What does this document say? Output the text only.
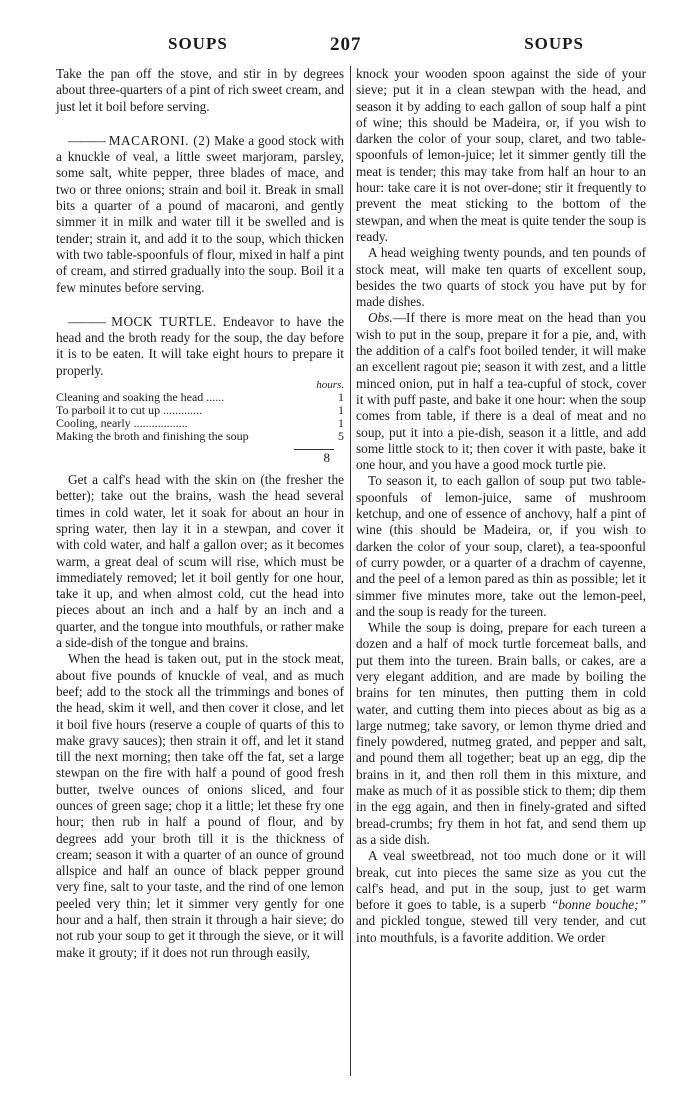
SOUPS	207	SOUPS

Take the pan off the stove, and stir in by degrees about three-quarters of a pint of rich sweet cream, and just let it boil before serving.

——— MACARONI. (2) Make a good stock with a knuckle of veal, a little sweet marjoram, parsley, some salt, white pepper, three blades of mace, and two or three onions; strain and boil it. Break in small bits a quarter of a pound of macaroni, and gently simmer it in milk and water till it be swelled and is tender; strain it, and add it to the soup, which thicken with two table-spoonfuls of flour, mixed in half a pint of cream, and stirred gradually into the soup. Boil it a few minutes before serving.

——— MOCK TURTLE. Endeavor to have the head and the broth ready for the soup, the day before it is to be eaten. It will take eight hours to prepare it properly.

hours.
Cleaning and soaking the head ......	1
To parboil it to cut up .............	1
Cooling, nearly ..................	1
Making the broth and finishing the soup	5
8

Get a calf's head with the skin on (the fresher the better); take out the brains, wash the head several times in cold water, let it soak for about an hour in spring water, then lay it in a stewpan, and cover it with cold water, and half a gallon over; as it becomes warm, a great deal of scum will rise, which must be immediately removed; let it boil gently for one hour, take it up, and when almost cold, cut the head into pieces about an inch and a half by an inch and a quarter, and the tongue into mouthfuls, or rather make a side-dish of the tongue and brains.

When the head is taken out, put in the stock meat, about five pounds of knuckle of veal, and as much beef; add to the stock all the trimmings and bones of the head, skim it well, and then cover it close, and let it boil five hours (reserve a couple of quarts of this to make gravy sauces); then strain it off, and let it stand till the next morning; then take off the fat, set a large stewpan on the fire with half a pound of good fresh butter, twelve ounces of onions sliced, and four ounces of green sage; chop it a little; let these fry one hour; then rub in half a pound of flour, and by degrees add your broth till it is the thickness of cream; season it with a quarter of an ounce of ground allspice and half an ounce of black pepper ground very fine, salt to your taste, and the rind of one lemon peeled very thin; let it simmer very gently for one hour and a half, then strain it through a hair sieve; do not rub your soup to get it through the sieve, or it will make it grouty; if it does not run through easily,

knock your wooden spoon against the side of your sieve; put it in a clean stewpan with the head, and season it by adding to each gallon of soup half a pint of wine; this should be Madeira, or, if you wish to darken the color of your soup, claret, and two table-spoonfuls of lemon-juice; let it simmer gently till the meat is tender; this may take from half an hour to an hour: take care it is not over-done; stir it frequently to prevent the meat sticking to the bottom of the stewpan, and when the meat is quite tender the soup is ready.

A head weighing twenty pounds, and ten pounds of stock meat, will make ten quarts of excellent soup, besides the two quarts of stock you have put by for made dishes.

Obs.—If there is more meat on the head than you wish to put in the soup, prepare it for a pie, and, with the addition of a calf's foot boiled tender, it will make an excellent ragout pie; season it with zest, and a little minced onion, put in half a tea-cupful of stock, cover it with puff paste, and bake it one hour: when the soup comes from table, if there is a deal of meat and no soup, put it into a pie-dish, season it a little, and add some little stock to it; then cover it with paste, bake it one hour, and you have a good mock turtle pie.

To season it, to each gallon of soup put two table-spoonfuls of lemon-juice, same of mushroom ketchup, and one of essence of anchovy, half a pint of wine (this should be Madeira, or, if you wish to darken the color of your soup, claret), a tea-spoonful of curry powder, or a quarter of a drachm of cayenne, and the peel of a lemon pared as thin as possible; let it simmer five minutes more, take out the lemon-peel, and the soup is ready for the tureen.

While the soup is doing, prepare for each tureen a dozen and a half of mock turtle forcemeat balls, and put them into the tureen. Brain balls, or cakes, are a very elegant addition, and are made by boiling the brains for ten minutes, then putting them in cold water, and cutting them into pieces about as big as a large nutmeg; take savory, or lemon thyme dried and finely powdered, nutmeg grated, and pepper and salt, and pound them all together; beat up an egg, dip the brains in it, and then roll them in this mixture, and make as much of it as possible stick to them; dip them in the egg again, and then in finely-grated and sifted bread-crumbs; fry them in hot fat, and send them up as a side dish.

A veal sweetbread, not too much done or it will break, cut into pieces the same size as you cut the calf's head, and put in the soup, just to get warm before it goes to table, is a superb “bonne bouche;” and pickled tongue, stewed till very tender, and cut into mouthfuls, is a favorite addition. We order
